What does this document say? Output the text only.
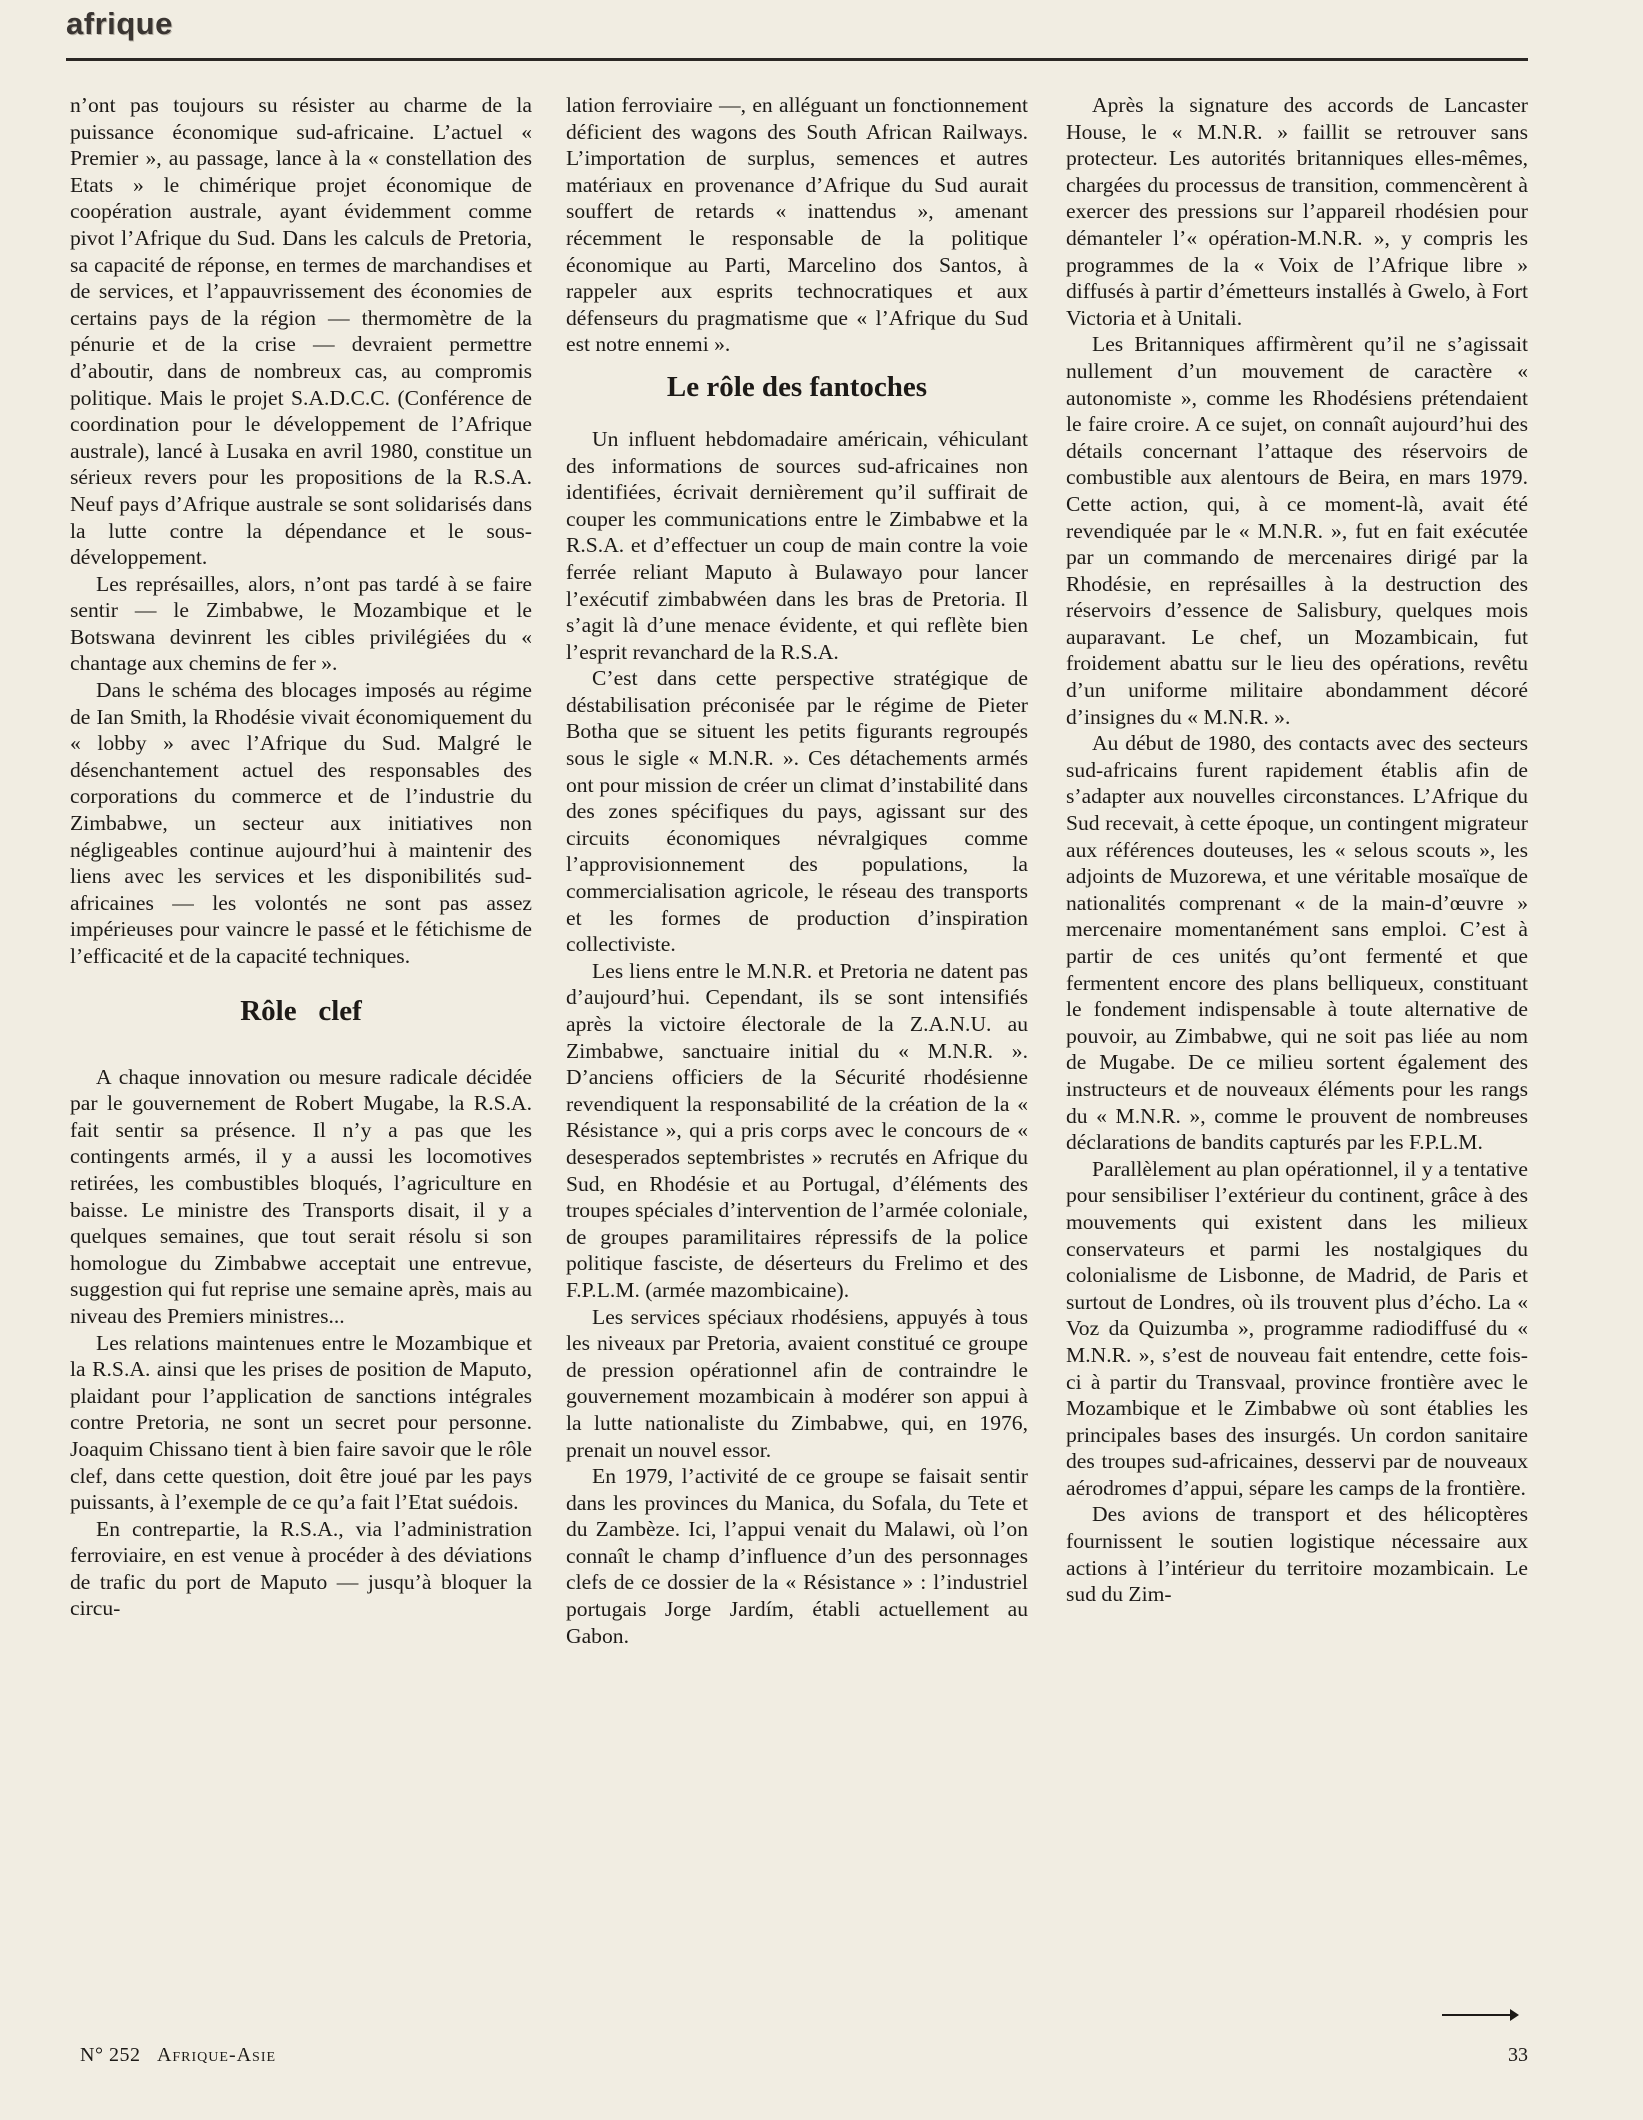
afrique

n’ont pas toujours su résister au charme de la puissance économique sud-africaine. L’actuel « Premier », au passage, lance à la « constellation des Etats » le chimérique projet économique de coopération australe, ayant évidemment comme pivot l’Afrique du Sud. Dans les calculs de Pretoria, sa capacité de réponse, en termes de marchandises et de services, et l’appauvrissement des économies de certains pays de la région — thermomètre de la pénurie et de la crise — devraient permettre d’aboutir, dans de nombreux cas, au compromis politique. Mais le projet S.A.D.C.C. (Conférence de coordination pour le développement de l’Afrique australe), lancé à Lusaka en avril 1980, constitue un sérieux revers pour les propositions de la R.S.A. Neuf pays d’Afrique australe se sont solidarisés dans la lutte contre la dépendance et le sous-développement.

Les représailles, alors, n’ont pas tardé à se faire sentir — le Zimbabwe, le Mozambique et le Botswana devinrent les cibles privilégiées du « chantage aux chemins de fer ».

Dans le schéma des blocages imposés au régime de Ian Smith, la Rhodésie vivait économiquement du « lobby » avec l’Afrique du Sud. Malgré le désenchantement actuel des responsables des corporations du commerce et de l’industrie du Zimbabwe, un secteur aux initiatives non négligeables continue aujourd’hui à maintenir des liens avec les services et les disponibilités sud-africaines — les volontés ne sont pas assez impérieuses pour vaincre le passé et le fétichisme de l’efficacité et de la capacité techniques.

Rôle   clef

A chaque innovation ou mesure radicale décidée par le gouvernement de Robert Mugabe, la R.S.A. fait sentir sa présence. Il n’y a pas que les contingents armés, il y a aussi les locomotives retirées, les combustibles bloqués, l’agriculture en baisse. Le ministre des Transports disait, il y a quelques semaines, que tout serait résolu si son homologue du Zimbabwe acceptait une entrevue, suggestion qui fut reprise une semaine après, mais au niveau des Premiers ministres...

Les relations maintenues entre le Mozambique et la R.S.A. ainsi que les prises de position de Maputo, plaidant pour l’application de sanctions intégrales contre Pretoria, ne sont un secret pour personne. Joaquim Chissano tient à bien faire savoir que le rôle clef, dans cette question, doit être joué par les pays puissants, à l’exemple de ce qu’a fait l’Etat suédois.

En contrepartie, la R.S.A., via l’administration ferroviaire, en est venue à procéder à des déviations de trafic du port de Maputo — jusqu’à bloquer la circu-

lation ferroviaire —, en alléguant un fonctionnement déficient des wagons des South African Railways. L’importation de surplus, semences et autres matériaux en provenance d’Afrique du Sud aurait souffert de retards « inattendus », amenant récemment le responsable de la politique économique au Parti, Marcelino dos Santos, à rappeler aux esprits technocratiques et aux défenseurs du pragmatisme que « l’Afrique du Sud est notre ennemi ».

Le rôle des fantoches

Un influent hebdomadaire américain, véhiculant des informations de sources sud-africaines non identifiées, écrivait dernièrement qu’il suffirait de couper les communications entre le Zimbabwe et la R.S.A. et d’effectuer un coup de main contre la voie ferrée reliant Maputo à Bulawayo pour lancer l’exécutif zimbabwéen dans les bras de Pretoria. Il s’agit là d’une menace évidente, et qui reflète bien l’esprit revanchard de la R.S.A.

C’est dans cette perspective stratégique de déstabilisation préconisée par le régime de Pieter Botha que se situent les petits figurants regroupés sous le sigle « M.N.R. ». Ces détachements armés ont pour mission de créer un climat d’instabilité dans des zones spécifiques du pays, agissant sur des circuits économiques névralgiques comme l’approvisionnement des populations, la commercialisation agricole, le réseau des transports et les formes de production d’inspiration collectiviste.

Les liens entre le M.N.R. et Pretoria ne datent pas d’aujourd’hui. Cependant, ils se sont intensifiés après la victoire électorale de la Z.A.N.U. au Zimbabwe, sanctuaire initial du « M.N.R. ». D’anciens officiers de la Sécurité rhodésienne revendiquent la responsabilité de la création de la « Résistance », qui a pris corps avec le concours de « desesperados septembristes » recrutés en Afrique du Sud, en Rhodésie et au Portugal, d’éléments des troupes spéciales d’intervention de l’armée coloniale, de groupes paramilitaires répressifs de la police politique fasciste, de déserteurs du Frelimo et des F.P.L.M. (armée mazombicaine).

Les services spéciaux rhodésiens, appuyés à tous les niveaux par Pretoria, avaient constitué ce groupe de pression opérationnel afin de contraindre le gouvernement mozambicain à modérer son appui à la lutte nationaliste du Zimbabwe, qui, en 1976, prenait un nouvel essor.

En 1979, l’activité de ce groupe se faisait sentir dans les provinces du Manica, du Sofala, du Tete et du Zambèze. Ici, l’appui venait du Malawi, où l’on connaît le champ d’influence d’un des personnages clefs de ce dossier de la « Résistance » : l’industriel portugais Jorge Jardím, établi actuellement au Gabon.

Après la signature des accords de Lancaster House, le « M.N.R. » faillit se retrouver sans protecteur. Les autorités britanniques elles-mêmes, chargées du processus de transition, commencèrent à exercer des pressions sur l’appareil rhodésien pour démanteler l’« opération-M.N.R. », y compris les programmes de la « Voix de l’Afrique libre » diffusés à partir d’émetteurs installés à Gwelo, à Fort Victoria et à Unitali.

Les Britanniques affirmèrent qu’il ne s’agissait nullement d’un mouvement de caractère « autonomiste », comme les Rhodésiens prétendaient le faire croire. A ce sujet, on connaît aujourd’hui des détails concernant l’attaque des réservoirs de combustible aux alentours de Beira, en mars 1979. Cette action, qui, à ce moment-là, avait été revendiquée par le « M.N.R. », fut en fait exécutée par un commando de mercenaires dirigé par la Rhodésie, en représailles à la destruction des réservoirs d’essence de Salisbury, quelques mois auparavant. Le chef, un Mozambicain, fut froidement abattu sur le lieu des opérations, revêtu d’un uniforme militaire abondamment décoré d’insignes du « M.N.R. ».

Au début de 1980, des contacts avec des secteurs sud-africains furent rapidement établis afin de s’adapter aux nouvelles circonstances. L’Afrique du Sud recevait, à cette époque, un contingent migrateur aux références douteuses, les « selous scouts », les adjoints de Muzorewa, et une véritable mosaïque de nationalités comprenant « de la main-d’œuvre » mercenaire momentanément sans emploi. C’est à partir de ces unités qu’ont fermenté et que fermentent encore des plans belliqueux, constituant le fondement indispensable à toute alternative de pouvoir, au Zimbabwe, qui ne soit pas liée au nom de Mugabe. De ce milieu sortent également des instructeurs et de nouveaux éléments pour les rangs du « M.N.R. », comme le prouvent de nombreuses déclarations de bandits capturés par les F.P.L.M.

Parallèlement au plan opérationnel, il y a tentative pour sensibiliser l’extérieur du continent, grâce à des mouvements qui existent dans les milieux conservateurs et parmi les nostalgiques du colonialisme de Lisbonne, de Madrid, de Paris et surtout de Londres, où ils trouvent plus d’écho. La « Voz da Quizumba », programme radiodiffusé du « M.N.R. », s’est de nouveau fait entendre, cette fois-ci à partir du Transvaal, province frontière avec le Mozambique et le Zimbabwe où sont établies les principales bases des insurgés. Un cordon sanitaire des troupes sud-africaines, desservi par de nouveaux aérodromes d’appui, sépare les camps de la frontière.

Des avions de transport et des hélicoptères fournissent le soutien logistique nécessaire aux actions à l’intérieur du territoire mozambicain. Le sud du Zim-

N° 252 Afrique-Asie	33
